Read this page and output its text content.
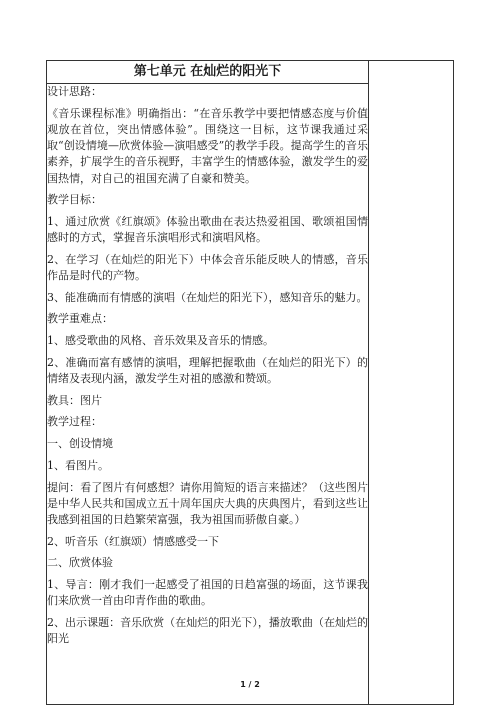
第七单元 在灿烂的阳光下	

设计思路：

《音乐课程标准》明确指出：“在音乐教学中要把情感态度与价值观放在首位，突出情感体验”。围绕这一目标，这节课我通过采取“创设情境—欣赏体验—演唱感受”的教学手段。提高学生的音乐素养，扩展学生的音乐视野，丰富学生的情感体验，激发学生的爱国热情，对自己的祖国充满了自豪和赞美。

教学目标：

1、通过欣赏《红旗颂》体验出歌曲在表达热爱祖国、歌颂祖国情感时的方式，掌握音乐演唱形式和演唱风格。

2、在学习（在灿烂的阳光下）中体会音乐能反映人的情感，音乐作品是时代的产物。

3、能准确而有情感的演唱（在灿烂的阳光下），感知音乐的魅力。

教学重难点：

1、感受歌曲的风格、音乐效果及音乐的情感。

2、准确而富有感情的演唱，理解把握歌曲（在灿烂的阳光下）的情绪及表现内涵，激发学生对祖的感激和赞颂。

教具：图片

教学过程：

一、创设情境

1、看图片。

提问：看了图片有何感想？请你用简短的语言来描述？（这些图片是中华人民共和国成立五十周年国庆大典的庆典图片，看到这些让我感到祖国的日趋繁荣富强，我为祖国而骄傲自豪。）

2、听音乐（红旗颂）情感感受一下

二、欣赏体验

1、导言：刚才我们一起感受了祖国的日趋富强的场面，这节课我们来欣赏一首由印青作曲的歌曲。

2、出示课题：音乐欣赏（在灿烂的阳光下），播放歌曲（在灿烂的阳光

1 / 2
